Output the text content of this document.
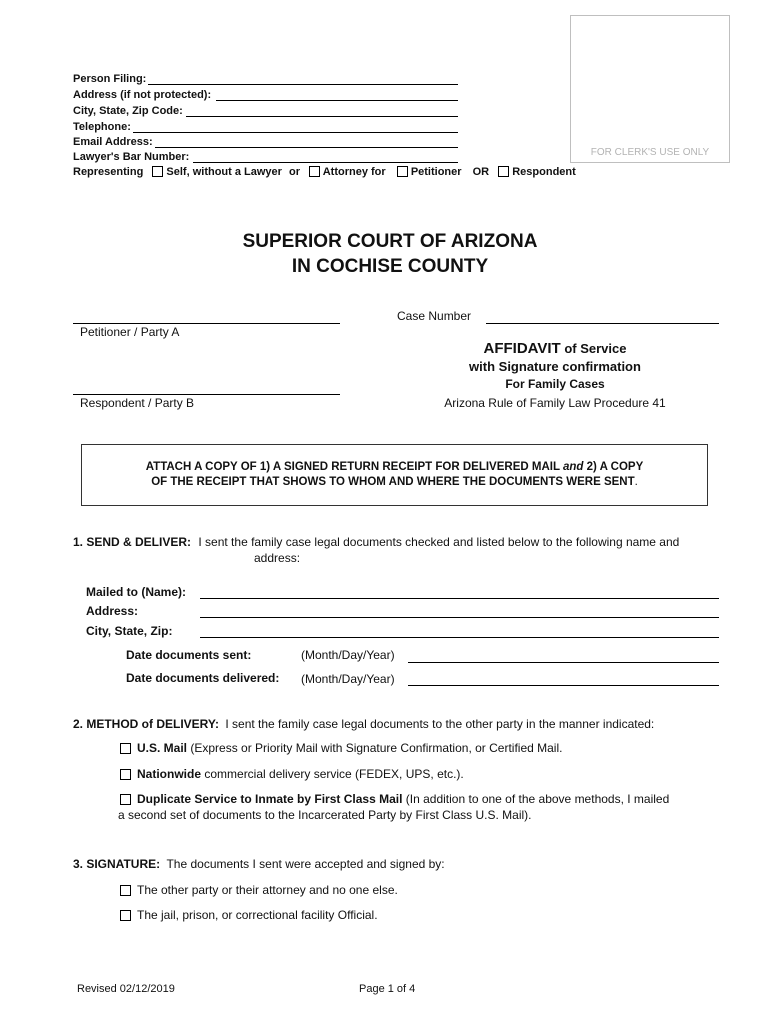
FOR CLERK'S USE ONLY
Person Filing:
Address (if not protected):
City, State, Zip Code:
Telephone:
Email Address:
Lawyer's Bar Number:
Representing Self, without a Lawyer or Attorney for Petitioner OR Respondent
SUPERIOR COURT OF ARIZONA
IN COCHISE COUNTY
Petitioner / Party A
Case Number
Respondent / Party B
AFFIDAVIT of Service
with Signature confirmation
For Family Cases
Arizona Rule of Family Law Procedure 41
ATTACH A COPY OF 1) A SIGNED RETURN RECEIPT FOR DELIVERED MAIL and 2) A COPY
OF THE RECEIPT THAT SHOWS TO WHOM AND WHERE THE DOCUMENTS WERE SENT.
1. SEND & DELIVER: I sent the family case legal documents checked and listed below to the following name and
address:
Mailed to (Name):
Address:
City, State, Zip:
Date documents sent:	(Month/Day/Year)
Date documents delivered: (Month/Day/Year)
2. METHOD of DELIVERY: I sent the family case legal documents to the other party in the manner indicated:
U.S. Mail (Express or Priority Mail with Signature Confirmation, or Certified Mail.
Nationwide commercial delivery service (FEDEX, UPS, etc.).
Duplicate Service to Inmate by First Class Mail (In addition to one of the above methods, I mailed
a second set of documents to the Incarcerated Party by First Class U.S. Mail).
3. SIGNATURE: The documents I sent were accepted and signed by:
The other party or their attorney and no one else.
The jail, prison, or correctional facility Official.
Revised 02/12/2019	Page 1 of 4
